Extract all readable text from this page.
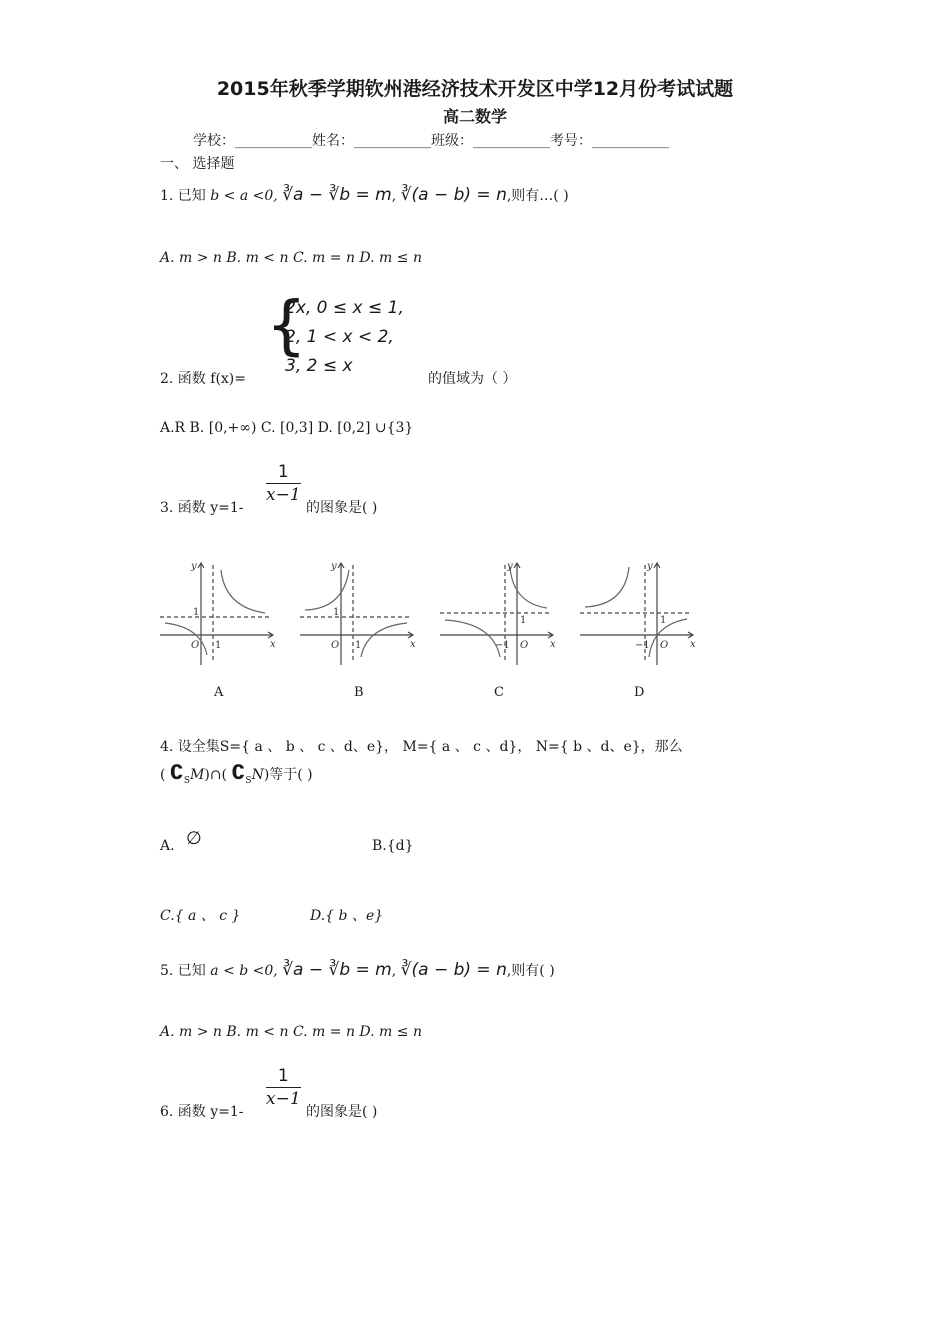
2015年秋季学期钦州港经济技术开发区中学12月份考试试题
高二数学
学校：___________姓名：___________班级：___________考号：___________
一、 选择题
1. 已知 b < a <0, ∛a − ∛b = m, ∛(a − b) = n,则有…( )
A. m > n B. m < n C. m = n D. m ≤ n
2. 函数 f(x)=
{
2x, 0 ≤ x ≤ 1,
2, 1 < x < 2,
3, 2 ≤ x
的值域为（ ）
A.R B. [0,+∞) C. [0,3] D. [0,2] ∪{3}
3. 函数 y=1-
$\frac{1}{x-1}$
的图象是( )
y
x
O
1
1
y
x
O
1
1
y
x
O
1
−1
y
x
O
1
−1
A	B	C	D
4. 设全集S={ a 、 b 、 c 、d、e}， M={ a 、 c 、d}， N={ b 、d、e}，那么
( $∁_SM)\cap$( $∁_SN$)等于( )
A. ∅	B.{d}
C.{ a 、 c }	D.{ b 、e}
5. 已知 a < b <0, ∛a − ∛b = m, ∛(a − b) = n,则有( )
A. m > n B. m < n C. m = n D. m ≤ n
6. 函数 y=1-
$\frac{1}{x-1}$
的图象是( )
